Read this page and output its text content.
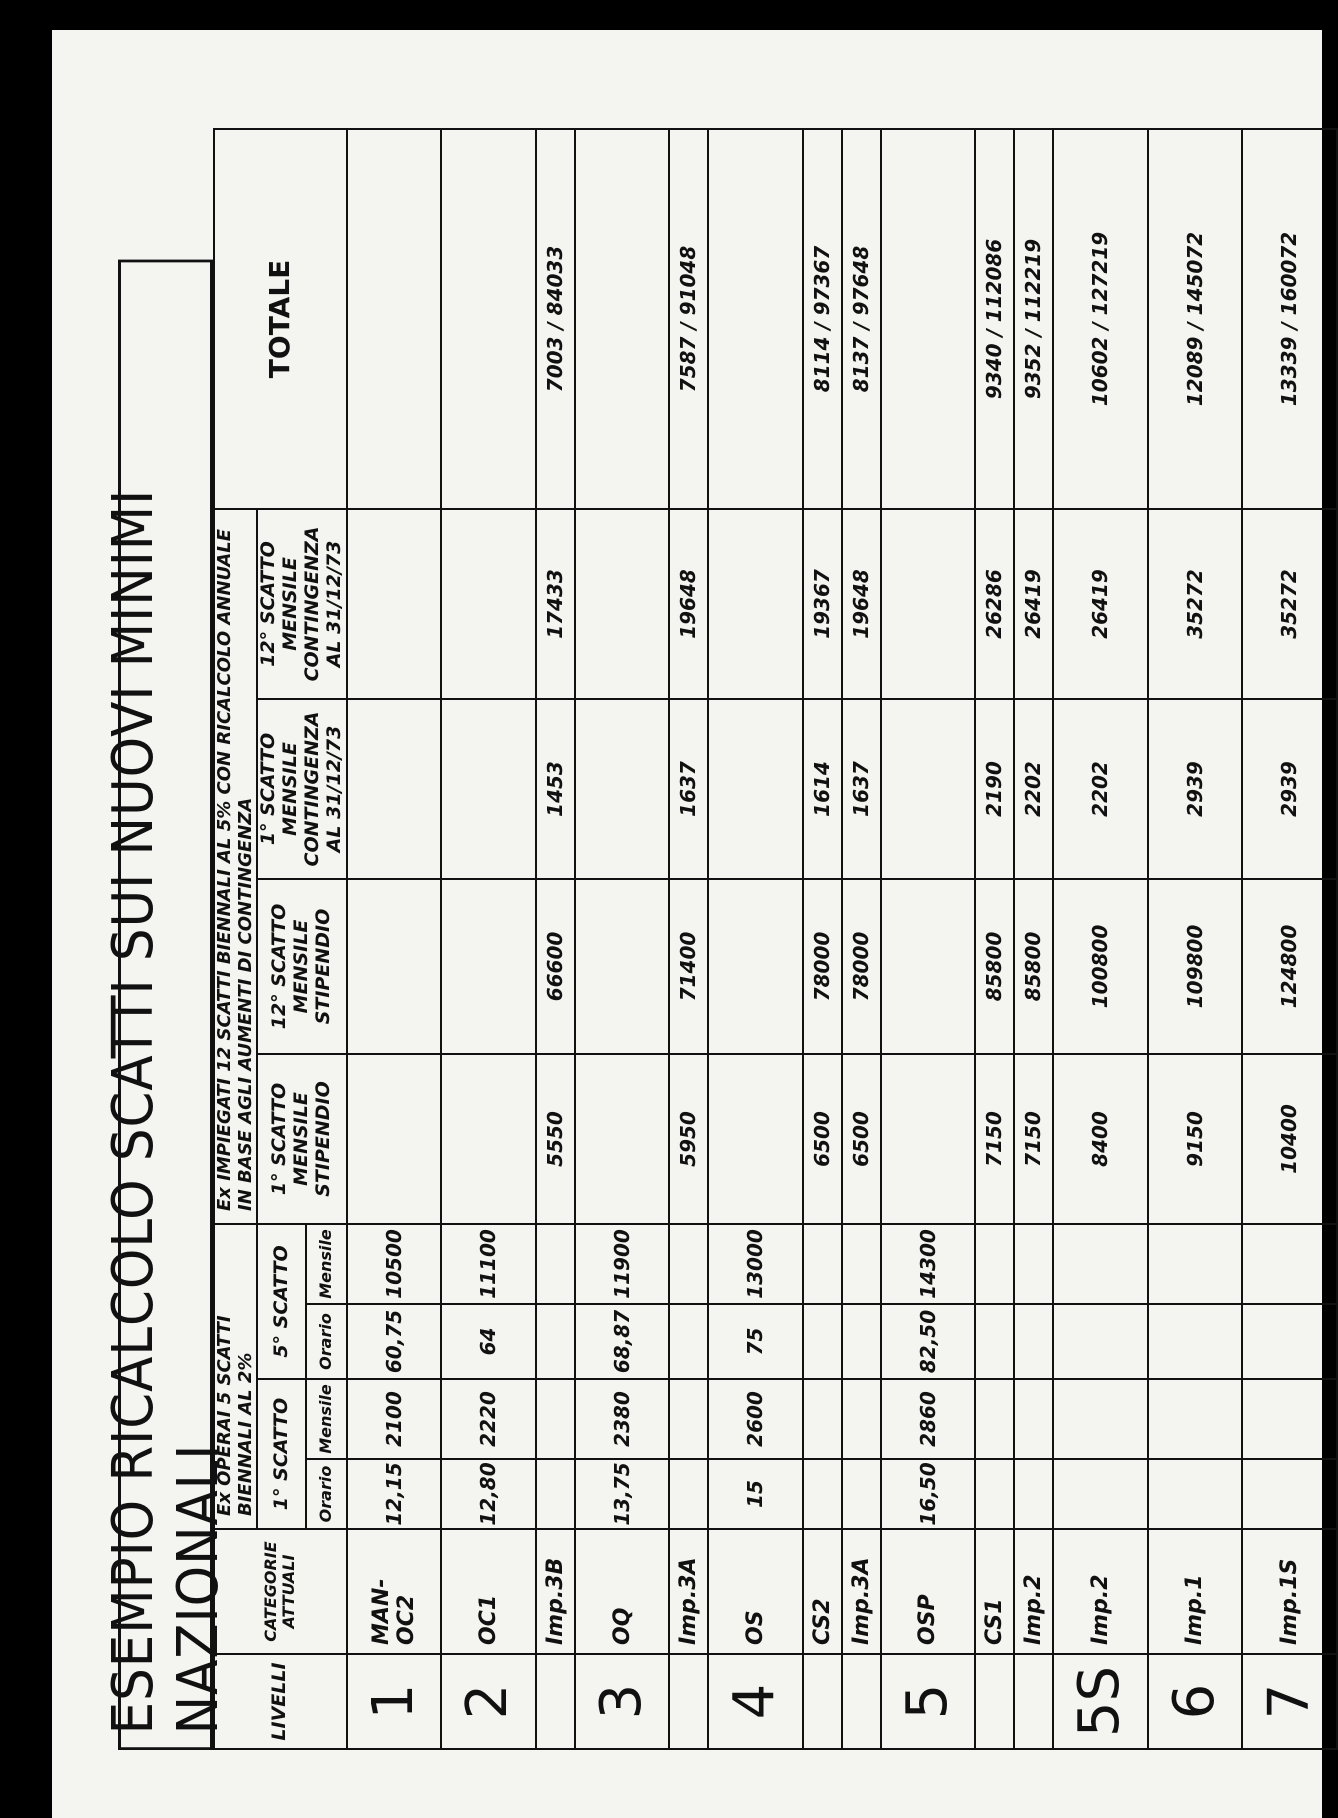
ESEMPIO RICALCOLO SCATTI SUI NUOVI MINIMI NAZIONALI LIVELLI	CATEGORIE ATTUALI	Ex OPERAI 5 SCATTI BIENNALI AL 2%				Ex IMPIEGATI 12 SCATTI BIENNALI AL 5% CON RICALCOLO ANNUALE IN BASE AGLI AUMENTI DI CONTINGENZA				TOTALE
		1° SCATTO		5° SCATTO		1° SCATTO MENSILE STIPENDIO	12° SCATTO MENSILE STIPENDIO	1° SCATTO MENSILE CONTINGENZA AL 31/12/73	12° SCATTO MENSILE CONTINGENZA AL 31/12/73	
		Orario	Mensile	Orario	Mensile					
1	MAN-OC2	12,15	2100	60,75	10500					
2	OC1	12,80	2220	64	11100					
	Imp.3B					5550	66600	1453	17433	7003 / 84033
3	OQ	13,75	2380	68,87	11900					
	Imp.3A					5950	71400	1637	19648	7587 / 91048
4	OS	15	2600	75	13000					
	CS2					6500	78000	1614	19367	8114 / 97367
	Imp.3A					6500	78000	1637	19648	8137 / 97648
5	OSP	16,50	2860	82,50	14300					
	CS1					7150	85800	2190	26286	9340 / 112086
	Imp.2					7150	85800	2202	26419	9352 / 112219
5S	Imp.2					8400	100800	2202	26419	10602 / 127219
6	Imp.1					9150	109800	2939	35272	12089 / 145072
7	Imp.1S					10400	124800	2939	35272	13339 / 160072
